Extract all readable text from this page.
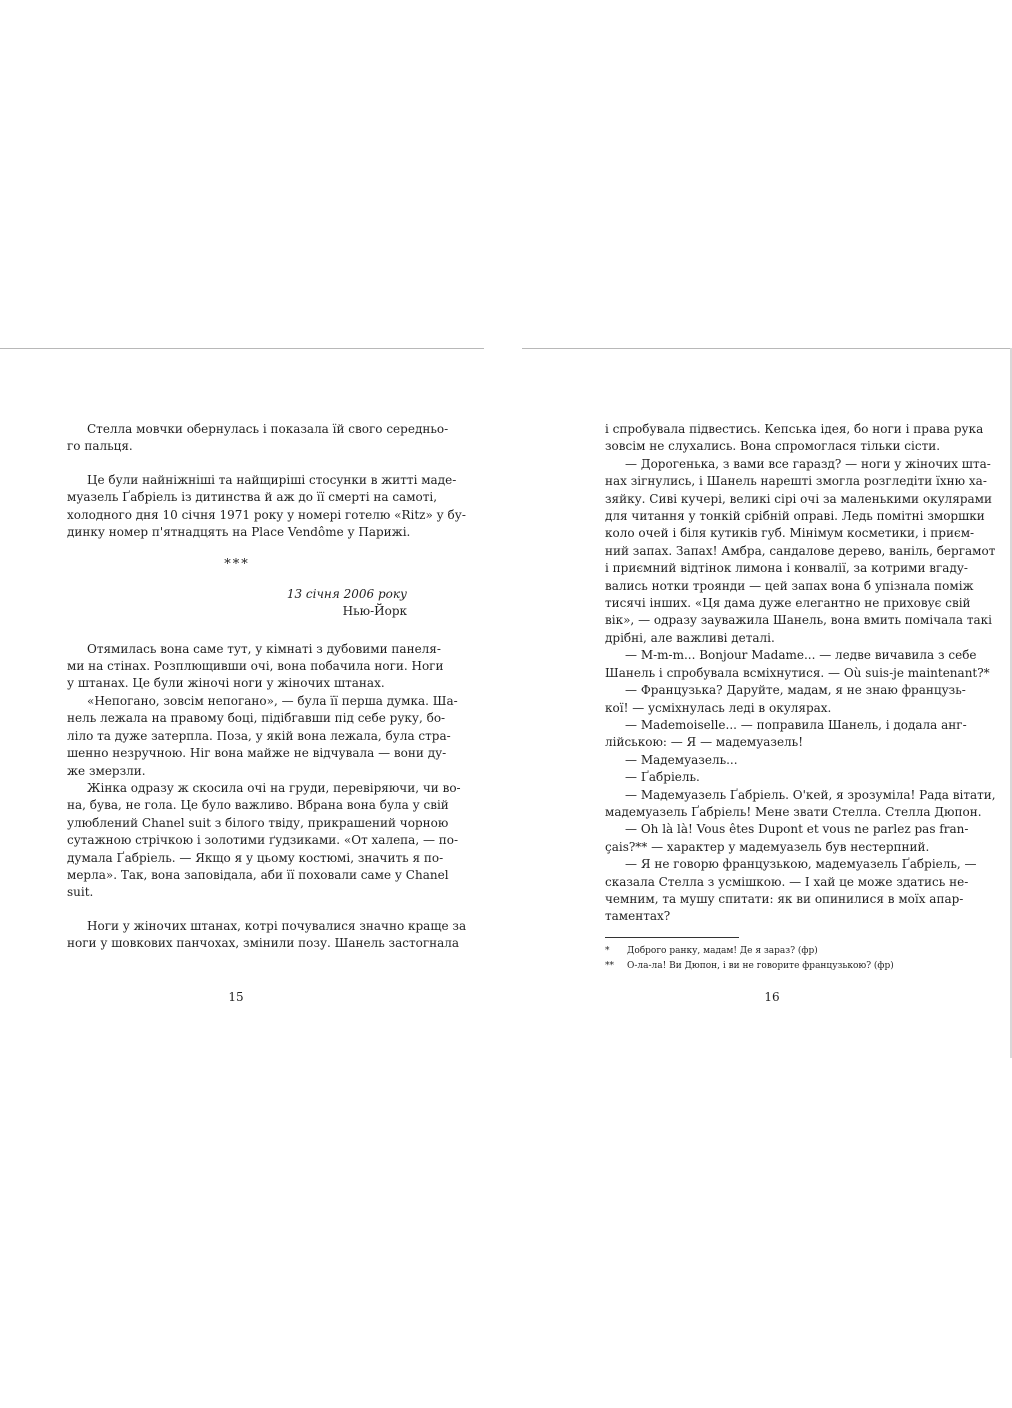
Стелла мовчки обернулась і показала їй свого середньо-
го пальця.
Це були найніжніші та найщиріші стосунки в житті маде-
муазель Ґабріель із дитинства й аж до її смерті на самоті,
холодного дня 10 січня 1971 року у номері готелю «Ritz» у бу-
динку номер п'ятнадцять на Place Vendôme у Парижі.
***
13 січня 2006 року
Нью-Йорк
Отямилась вона саме тут, у кімнаті з дубовими панеля-
ми на стінах. Розплющивши очі, вона побачила ноги. Ноги
у штанах. Це були жіночі ноги у жіночих штанах.
«Непогано, зовсім непогано», — була її перша думка. Ша-
нель лежала на правому боці, підібгавши під себе руку, бо-
ліло та дуже затерпла. Поза, у якій вона лежала, була стра-
шенно незручною. Ніг вона майже не відчувала — вони ду-
же змерзли.
Жінка одразу ж скосила очі на груди, перевіряючи, чи во-
на, бува, не гола. Це було важливо. Вбрана вона була у свій
улюблений Chanel suit з білого твіду, прикрашений чорною
сутажною стрічкою і золотими ґудзиками. «От халепа, — по-
думала Ґабріель. — Якщо я у цьому костюмі, значить я по-
мерла». Так, вона заповідала, аби її поховали саме у Chanel
suit.
Ноги у жіночих штанах, котрі почувалися значно краще за
ноги у шовкових панчохах, змінили позу. Шанель застогнала
15
і спробувала підвестись. Кепська ідея, бо ноги і права рука
зовсім не слухались. Вона спромоглася тільки сісти.
— Дорогенька, з вами все гаразд? — ноги у жіночих шта-
нах зігнулись, і Шанель нарешті змогла розгледіти їхню ха-
зяйку. Сиві кучері, великі сірі очі за маленькими окулярами
для читання у тонкій срібній оправі. Ледь помітні зморшки
коло очей і біля кутиків губ. Мінімум косметики, і приєм-
ний запах. Запах! Амбра, сандалове дерево, ваніль, бергамот
і приємний відтінок лимона і конвалії, за котрими вгаду-
вались нотки троянди — цей запах вона б упізнала поміж
тисячі інших. «Ця дама дуже елегантно не приховує свій
вік», — одразу зауважила Шанель, вона вмить помічала такі
дрібні, але важливі деталі.
— M-m-m... Bonjour Madame... — ледве вичавила з себе
Шанель і спробувала всміхнутися. — Où suis-je maintenant?*
— Французька? Даруйте, мадам, я не знаю французь-
кої! — усміхнулась леді в окулярах.
— Mademoiselle... — поправила Шанель, і додала анг-
лійською: — Я — мадемуазель!
— Мадемуазель...
— Ґабріель.
— Мадемуазель Ґабріель. О'кей, я зрозуміла! Рада вітати,
мадемуазель Ґабріель! Мене звати Стелла. Стелла Дюпон.
— Oh là là! Vous êtes Dupont et vous ne parlez pas fran-
çais?** — характер у мадемуазель був нестерпний.
— Я не говорю французькою, мадемуазель Ґабріель, —
сказала Стелла з усмішкою. — І хай це може здатись не-
чемним, та мушу спитати: як ви опинилися в моїх апар-
таментах?
* Доброго ранку, мадам! Де я зараз? (фр)
** О-ла-ла! Ви Дюпон, і ви не говорите французькою? (фр)
16
